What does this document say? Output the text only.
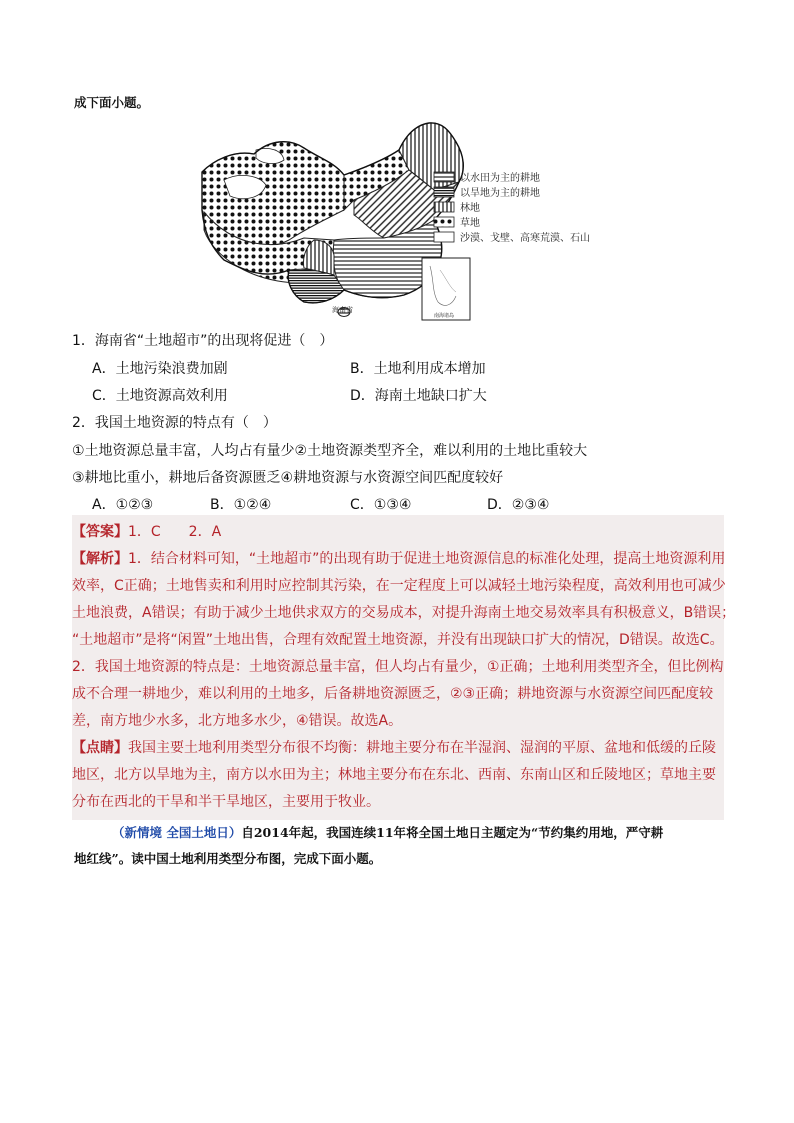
成下面小题。
海南省
南海诸岛
以水田为主的耕地
以旱地为主的耕地
林地
草地
沙漠、戈壁、高寒荒漠、石山
1．海南省“土地超市”的出现将促进（　）
A．土地污染浪费加剧	B．土地利用成本增加
C．土地资源高效利用	D．海南土地缺口扩大
2．我国土地资源的特点有（　）
①土地资源总量丰富，人均占有量少②土地资源类型齐全，难以利用的土地比重较大
③耕地比重小，耕地后备资源匮乏④耕地资源与水资源空间匹配度较好
A．①②③	B．①②④	C．①③④	D．②③④
【答案】1．C　　2．A
【解析】1．结合材料可知，“土地超市”的出现有助于促进土地资源信息的标准化处理，提高土地资源利用
效率，C正确；土地售卖和利用时应控制其污染，在一定程度上可以减轻土地污染程度，高效利用也可减少
土地浪费，A错误；有助于减少土地供求双方的交易成本，对提升海南土地交易效率具有积极意义，B错误；
“土地超市”是将“闲置”土地出售，合理有效配置土地资源，并没有出现缺口扩大的情况，D错误。故选C。
2．我国土地资源的特点是：土地资源总量丰富，但人均占有量少，①正确；土地利用类型齐全，但比例构
成不合理一耕地少，难以利用的土地多，后备耕地资源匮乏，②③正确；耕地资源与水资源空间匹配度较
差，南方地少水多，北方地多水少，④错误。故选A。
【点睛】我国主要土地利用类型分布很不均衡：耕地主要分布在半湿润、湿润的平原、盆地和低缓的丘陵
地区，北方以旱地为主，南方以水田为主；林地主要分布在东北、西南、东南山区和丘陵地区；草地主要
分布在西北的干旱和半干旱地区，主要用于牧业。
（新情境 全国土地日）自2014年起，我国连续11年将全国土地日主题定为“节约集约用地，严守耕
地红线”。读中国土地利用类型分布图，完成下面小题。
